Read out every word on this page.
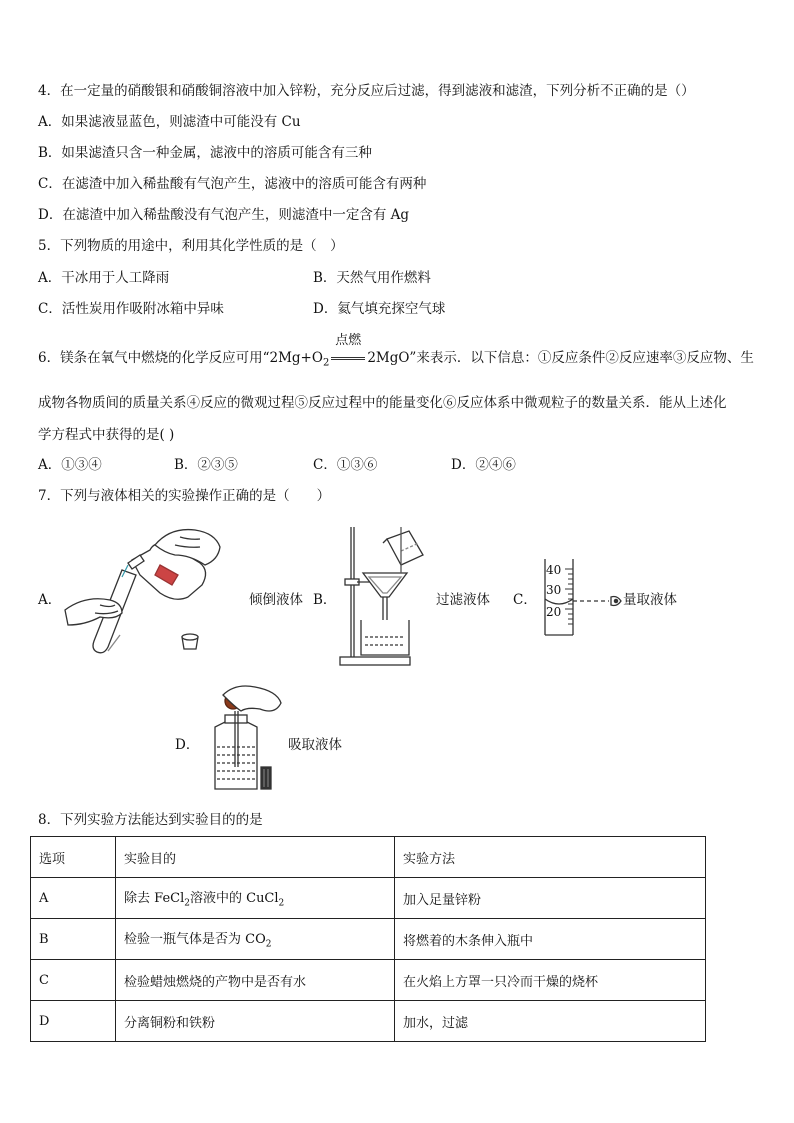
4．在一定量的硝酸银和硝酸铜溶液中加入锌粉，充分反应后过滤，得到滤液和滤渣，下列分析不正确的是（）
A．如果滤液显蓝色，则滤渣中可能没有 Cu
B．如果滤渣只含一种金属，滤液中的溶质可能含有三种
C．在滤渣中加入稀盐酸有气泡产生，滤液中的溶质可能含有两种
D．在滤渣中加入稀盐酸没有气泡产生，则滤渣中一定含有 Ag
5．下列物质的用途中，利用其化学性质的是（　）
A．干冰用于人工降雨	B．天然气用作燃料
C．活性炭用作吸附冰箱中异味	D．氦气填充探空气球
6．镁条在氧气中燃烧的化学反应可用“$2Mg+O_2$
点燃
2MgO”来表示．以下信息：①反应条件②反应速率③反应物、生
成物各物质间的质量关系④反应的微观过程⑤反应过程中的能量变化⑥反应体系中微观粒子的数量关系．能从上述化
学方程式中获得的是( )
A．①③④	B．②③⑤	C．①③⑥	D．②④⑥
7．下列与液体相关的实验操作正确的是（　　）
A．	倾倒液体 B．	过滤液体 C．
40
30
20
量取液体
D．	吸取液体
8．下列实验方法能达到实验目的的是
选项	实验目的	实验方法
A	除去 FeCl$_2$溶液中的 CuCl$_2$	加入足量锌粉
B	检验一瓶气体是否为 $CO_2$	将燃着的木条伸入瓶中
C	检验蜡烛燃烧的产物中是否有水	在火焰上方罩一只冷而干燥的烧杯
D	分离铜粉和铁粉	加水，过滤
